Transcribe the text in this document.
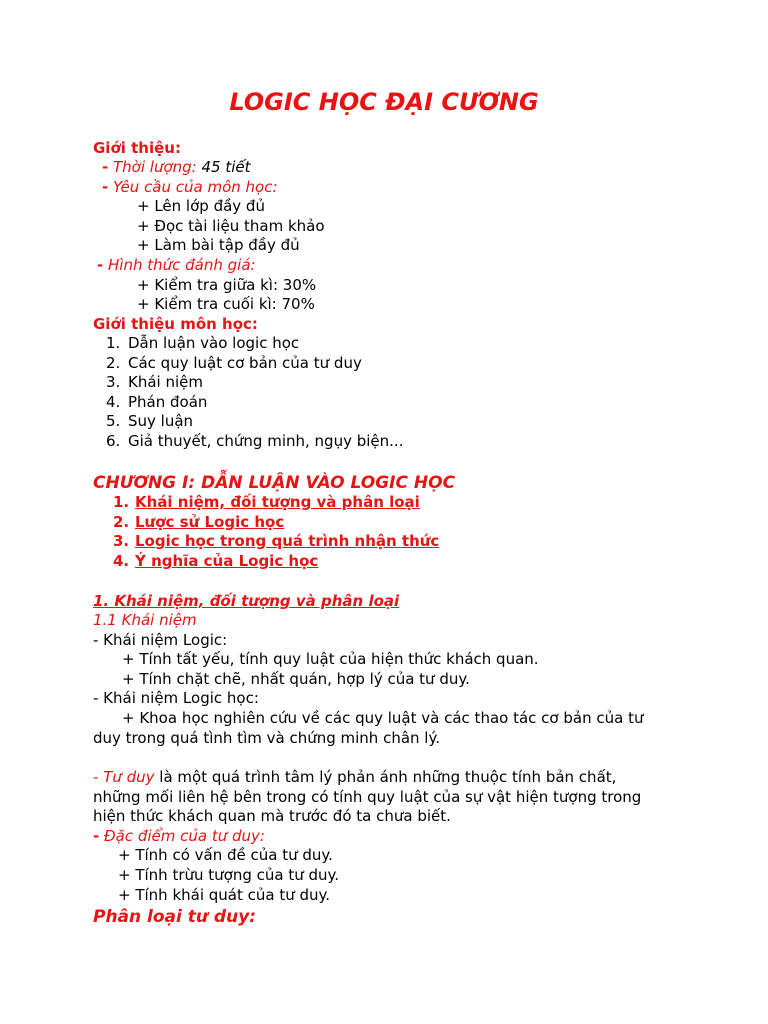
LOGIC HỌC ĐẠI CƯƠNG
Giới thiệu:
- Thời lượng: 45 tiết
- Yêu cầu của môn học:
+ Lên lớp đầy đủ
+ Đọc tài liệu tham khảo
+ Làm bài tập đầy đủ
- Hình thức đánh giá:
+ Kiểm tra giữa kì: 30%
+ Kiểm tra cuối kì: 70%
Giới thiệu môn học:
1. Dẫn luận vào logic học
2. Các quy luật cơ bản của tư duy
3. Khái niệm
4. Phán đoán
5. Suy luận
6. Giả thuyết, chứng minh, ngụy biện...
CHƯƠNG I: DẪN LUẬN VÀO LOGIC HỌC
1. Khái niệm, đối tượng và phân loại
2. Lược sử Logic học
3. Logic học trong quá trình nhận thức
4. Ý nghĩa của Logic học
1. Khái niệm, đối tượng và phân loại
1.1 Khái niệm
- Khái niệm Logic:
+ Tính tất yếu, tính quy luật của hiện thức khách quan.
+ Tính chặt chẽ, nhất quán, hợp lý của tư duy.
- Khái niệm Logic học:
+ Khoa học nghiên cứu về các quy luật và các thao tác cơ bản của tư
duy trong quá tình tìm và chứng minh chân lý.
- Tư duy là một quá trình tâm lý phản ánh những thuộc tính bản chất,
những mối liên hệ bên trong có tính quy luật của sự vật hiện tượng trong
hiện thức khách quan mà trước đó ta chưa biết.
- Đặc điểm của tư duy:
+ Tính có vấn đề của tư duy.
+ Tính trừu tượng của tư duy.
+ Tính khái quát của tư duy.
Phân loại tư duy:
